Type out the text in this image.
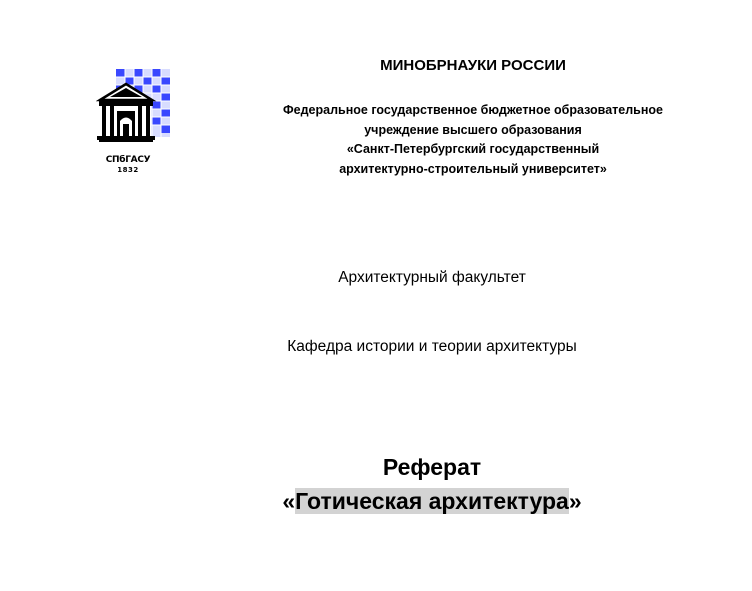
СПбГАСУ
1832
МИНОБРНАУКИ РОССИИ
Федеральное государственное бюджетное образовательное
учреждение высшего образования
«Санкт-Петербургский государственный
архитектурно-строительный университет»
Архитектурный факультет
Кафедра истории и теории архитектуры
Реферат
«Готическая архитектура»
